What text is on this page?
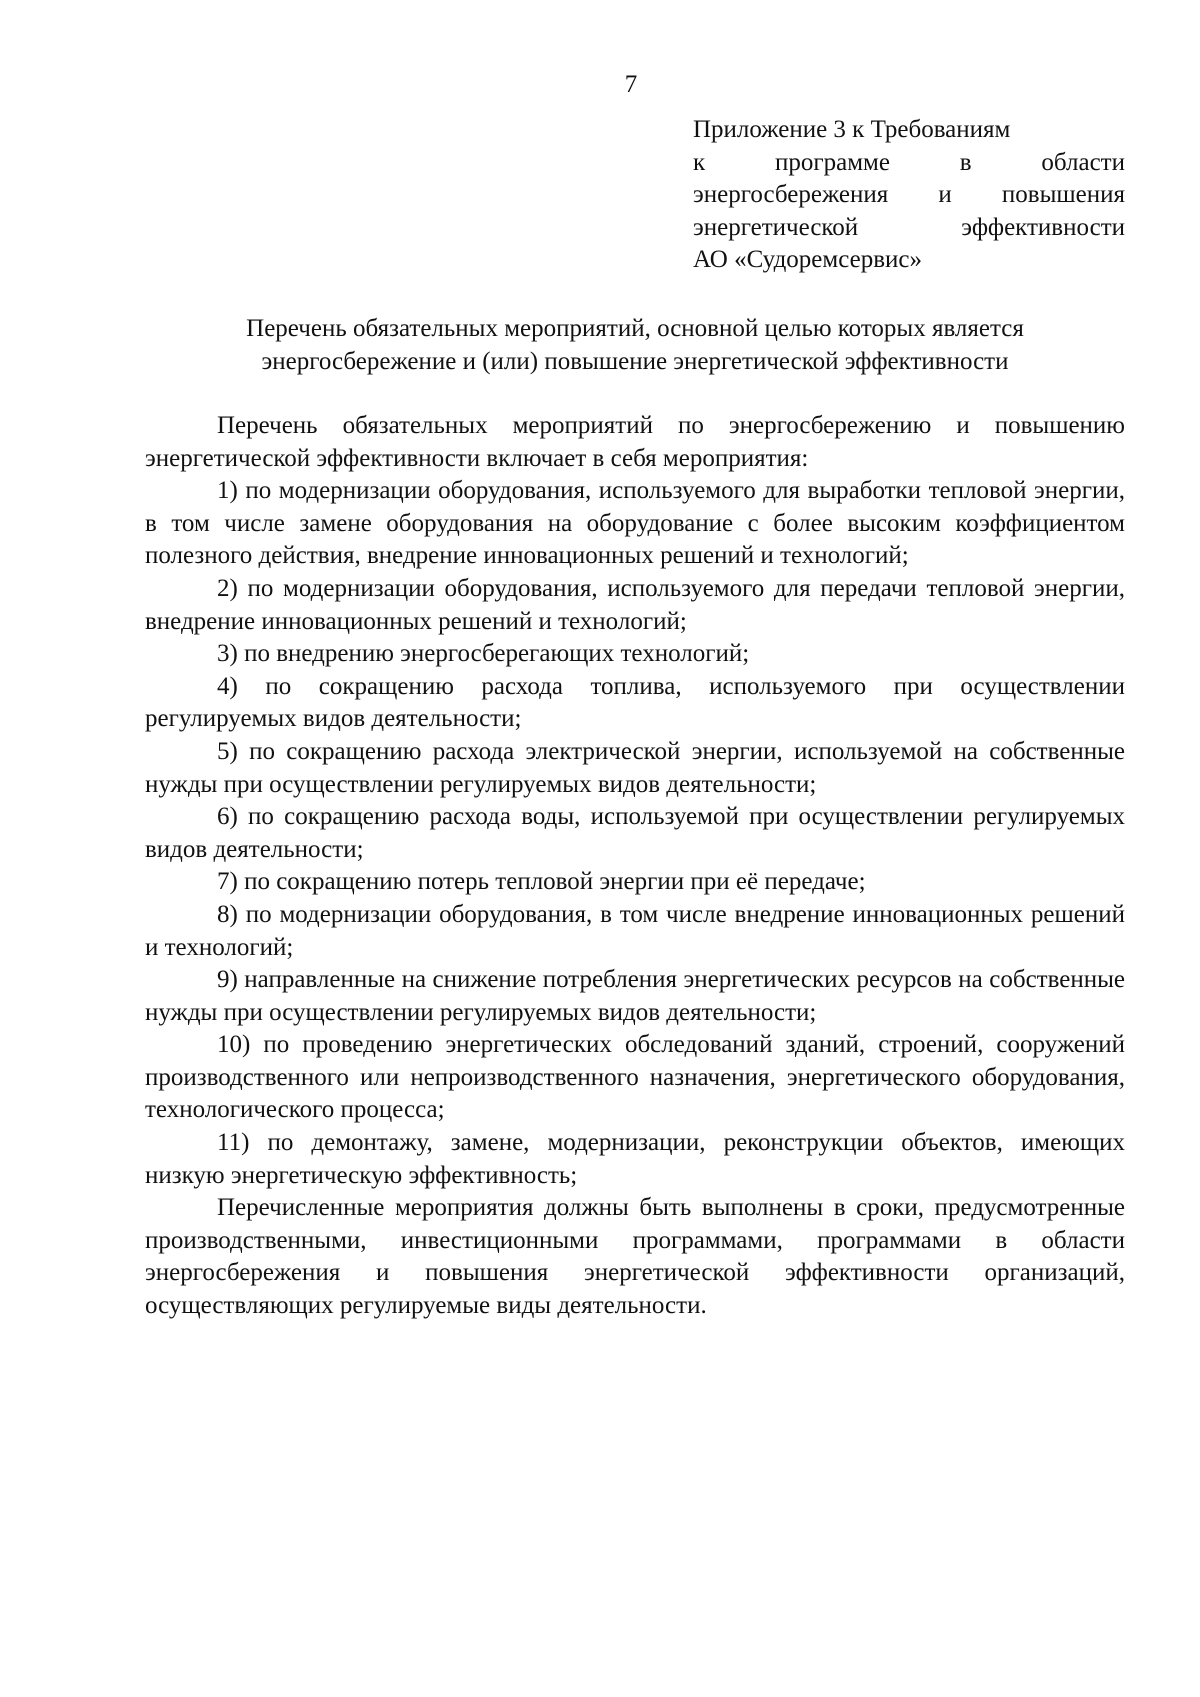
7
Приложение 3 к Требованиям
к программе в области
энергосбережения и повышения
энергетической эффективности
АО «Судоремсервис»
Перечень обязательных мероприятий, основной целью которых является
энергосбережение и (или) повышение энергетической эффективности

Перечень обязательных мероприятий по энергосбережению и повышению энергетической эффективности включает в себя мероприятия:

1) по модернизации оборудования, используемого для выработки тепловой энергии, в том числе замене оборудования на оборудование с более высоким коэффициентом полезного действия, внедрение инновационных решений и технологий;

2) по модернизации оборудования, используемого для передачи тепловой энергии, внедрение инновационных решений и технологий;

3) по внедрению энергосберегающих технологий;

4) по сокращению расхода топлива, используемого при осуществлении регулируемых видов деятельности;

5) по сокращению расхода электрической энергии, используемой на собственные нужды при осуществлении регулируемых видов деятельности;

6) по сокращению расхода воды, используемой при осуществлении регулируемых видов деятельности;

7) по сокращению потерь тепловой энергии при её передаче;

8) по модернизации оборудования, в том числе внедрение инновационных решений и технологий;

9) направленные на снижение потребления энергетических ресурсов на собственные нужды при осуществлении регулируемых видов деятельности;

10) по проведению энергетических обследований зданий, строений, сооружений производственного или непроизводственного назначения, энергетического оборудования, технологического процесса;

11) по демонтажу, замене, модернизации, реконструкции объектов, имеющих низкую энергетическую эффективность;

Перечисленные мероприятия должны быть выполнены в сроки, предусмотренные производственными, инвестиционными программами, программами в области энергосбережения и повышения энергетической эффективности организаций, осуществляющих регулируемые виды деятельности.
